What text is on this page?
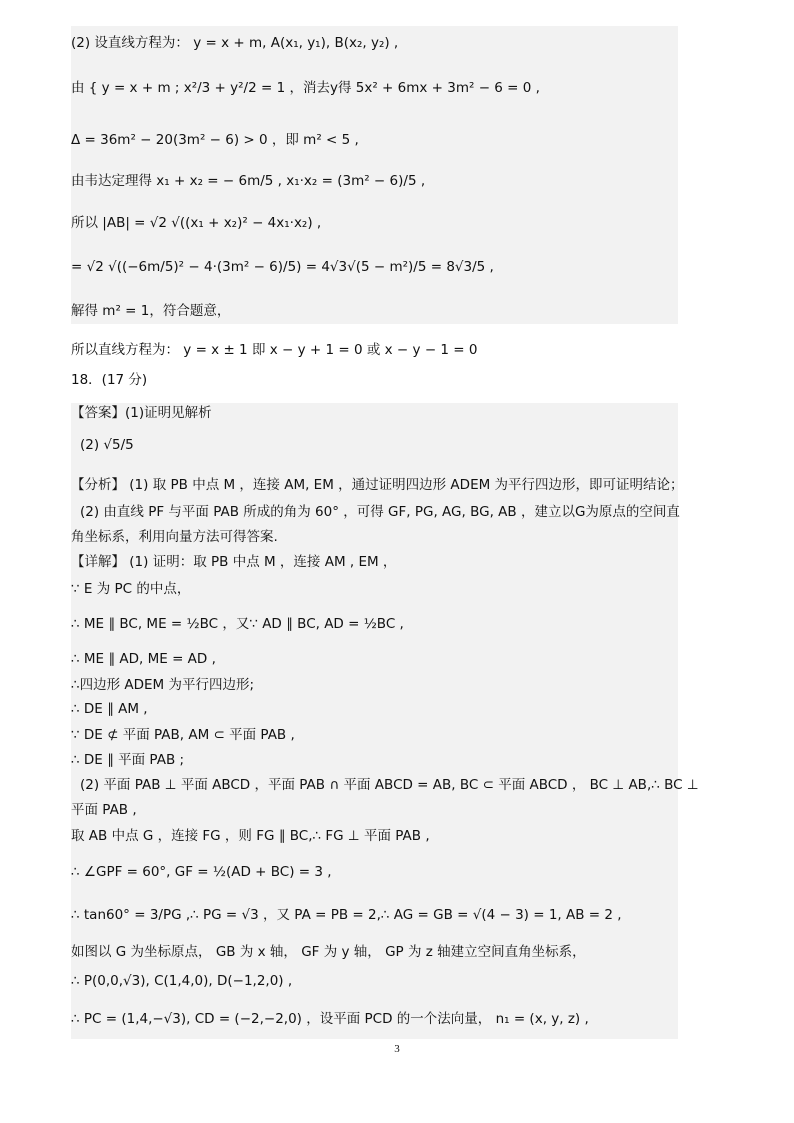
(2) 设直线方程为： y = x + m, A(x₁, y₁), B(x₂, y₂) ,
由 { y = x + m ; x²/3 + y²/2 = 1 ，消去y得 5x² + 6mx + 3m² − 6 = 0 ,
Δ = 36m² − 20(3m² − 6) > 0 ，即 m² < 5 ,
由韦达定理得 x₁ + x₂ = − 6m/5 , x₁·x₂ = (3m² − 6)/5 ,
所以 |AB| = √2 √((x₁ + x₂)² − 4x₁·x₂) ,
= √2 √((−6m/5)² − 4·(3m² − 6)/5) = 4√3√(5 − m²)/5 = 8√3/5 ,
解得 m² = 1，符合题意，
所以直线方程为： y = x ± 1 即 x − y + 1 = 0 或 x − y − 1 = 0
18．(17 分)
【答案】(1)证明见解析
(2) √5/5
【分析】 (1) 取 PB 中点 M ，连接 AM, EM ，通过证明四边形 ADEM 为平行四边形，即可证明结论；
(2) 由直线 PF 与平面 PAB 所成的角为 60° ，可得 GF, PG, AG, BG, AB ，建立以G为原点的空间直
角坐标系，利用向量方法可得答案.
【详解】 (1) 证明：取 PB 中点 M ，连接 AM , EM ，
∵ E 为 PC 的中点，
∴ ME ∥ BC, ME = ½BC ，又∵ AD ∥ BC, AD = ½BC ,
∴ ME ∥ AD, ME = AD ,
∴四边形 ADEM 为平行四边形;
∴ DE ∥ AM ,
∵ DE ⊄ 平面 PAB, AM ⊂ 平面 PAB ,
∴ DE ∥ 平面 PAB ;
(2) 平面 PAB ⊥ 平面 ABCD ，平面 PAB ∩ 平面 ABCD = AB, BC ⊂ 平面 ABCD ， BC ⊥ AB,∴ BC ⊥
平面 PAB ,
取 AB 中点 G ，连接 FG ，则 FG ∥ BC,∴ FG ⊥ 平面 PAB ,
∴ ∠GPF = 60°, GF = ½(AD + BC) = 3 ,
∴ tan60° = 3/PG ,∴ PG = √3 ，又 PA = PB = 2,∴ AG = GB = √(4 − 3) = 1, AB = 2 ,
如图以 G 为坐标原点， GB 为 x 轴， GF 为 y 轴， GP 为 z 轴建立空间直角坐标系，
∴ P(0,0,√3), C(1,4,0), D(−1,2,0) ,
∴ PC = (1,4,−√3), CD = (−2,−2,0) ，设平面 PCD 的一个法向量， n₁ = (x, y, z) ,
3
